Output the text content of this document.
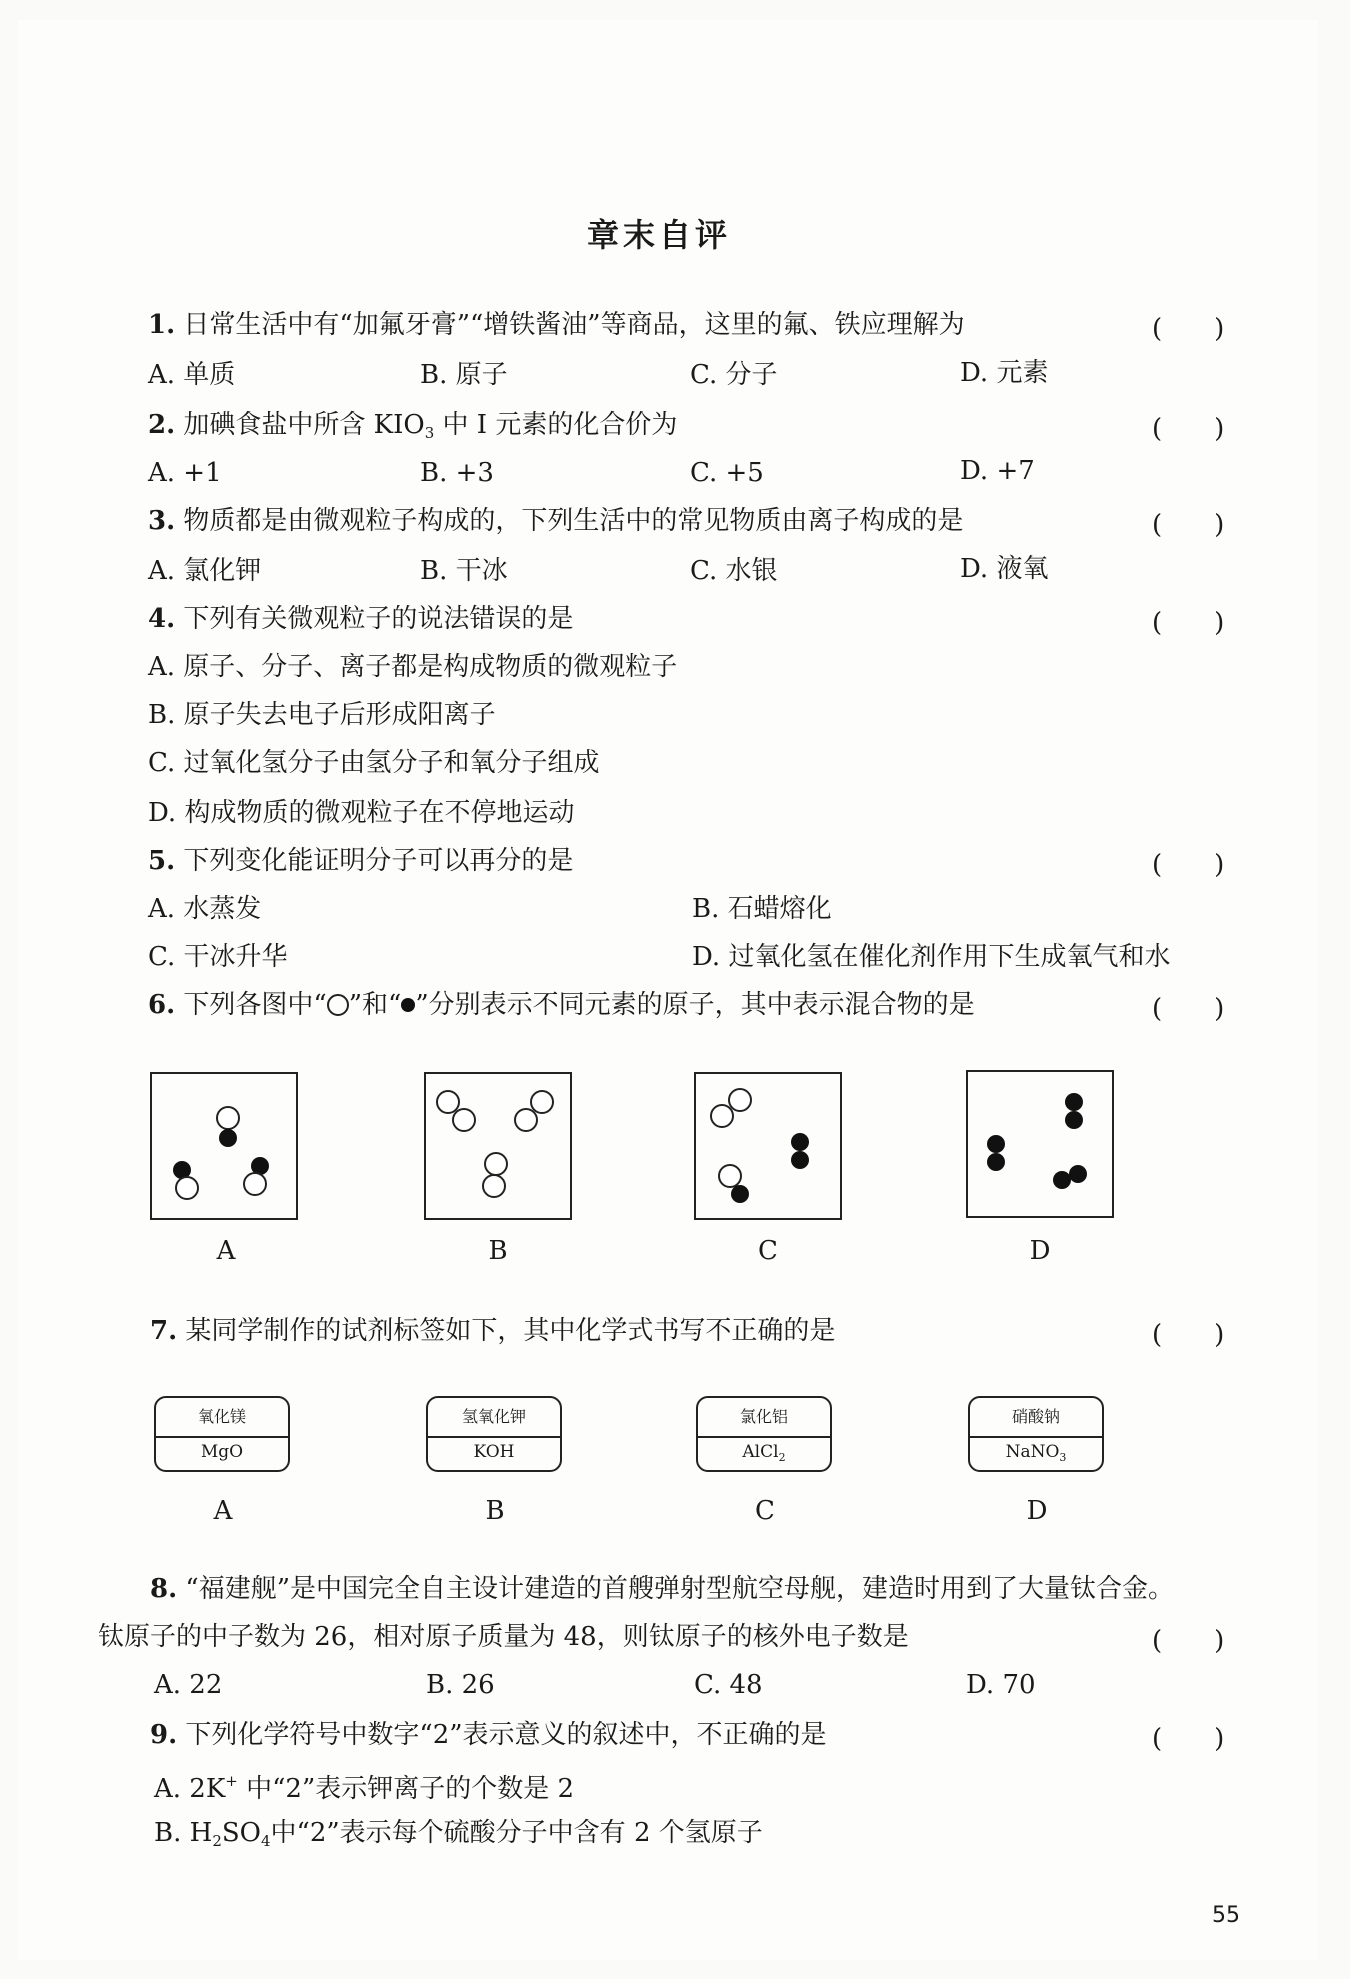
章末自评
1. 日常生活中有“加氟牙膏”“增铁酱油”等商品，这里的氟、铁应理解为	(　　)
A. 单质	B. 原子	C. 分子	D. 元素
2. 加碘食盐中所含 $KIO_3$ 中 I 元素的化合价为	(　　)
A. +1	B. +3	C. +5	D. +7
3. 物质都是由微观粒子构成的，下列生活中的常见物质由离子构成的是	(　　)
A. 氯化钾	B. 干冰	C. 水银	D. 液氧
4. 下列有关微观粒子的说法错误的是	(　　)
A. 原子、分子、离子都是构成物质的微观粒子
B. 原子失去电子后形成阳离子
C. 过氧化氢分子由氢分子和氧分子组成
D. 构成物质的微观粒子在不停地运动
5. 下列变化能证明分子可以再分的是	(　　)
A. 水蒸发	B. 石蜡熔化
C. 干冰升华	D. 过氧化氢在催化剂作用下生成氧气和水
6. 下列各图中“ ”和“ ”分别表示不同元素的原子，其中表示混合物的是	(　　)
A	B	C	D
7. 某同学制作的试剂标签如下，其中化学式书写不正确的是	(　　)
氧化镁
MgO
氢氧化钾
KOH
氯化铝
AlCl$_2$
硝酸钠
NaNO$_3$
A	B	C	D
8. “福建舰”是中国完全自主设计建造的首艘弹射型航空母舰，建造时用到了大量钛合金。
钛原子的中子数为 26，相对原子质量为 48，则钛原子的核外电子数是	(　　)
A. 22	B. 26	C. 48	D. 70
9. 下列化学符号中数字“2”表示意义的叙述中，不正确的是	(　　)
A. 2K+ 中“2”表示钾离子的个数是 2
B. $H_2SO_4$中“2”表示每个硫酸分子中含有 2 个氢原子
55
